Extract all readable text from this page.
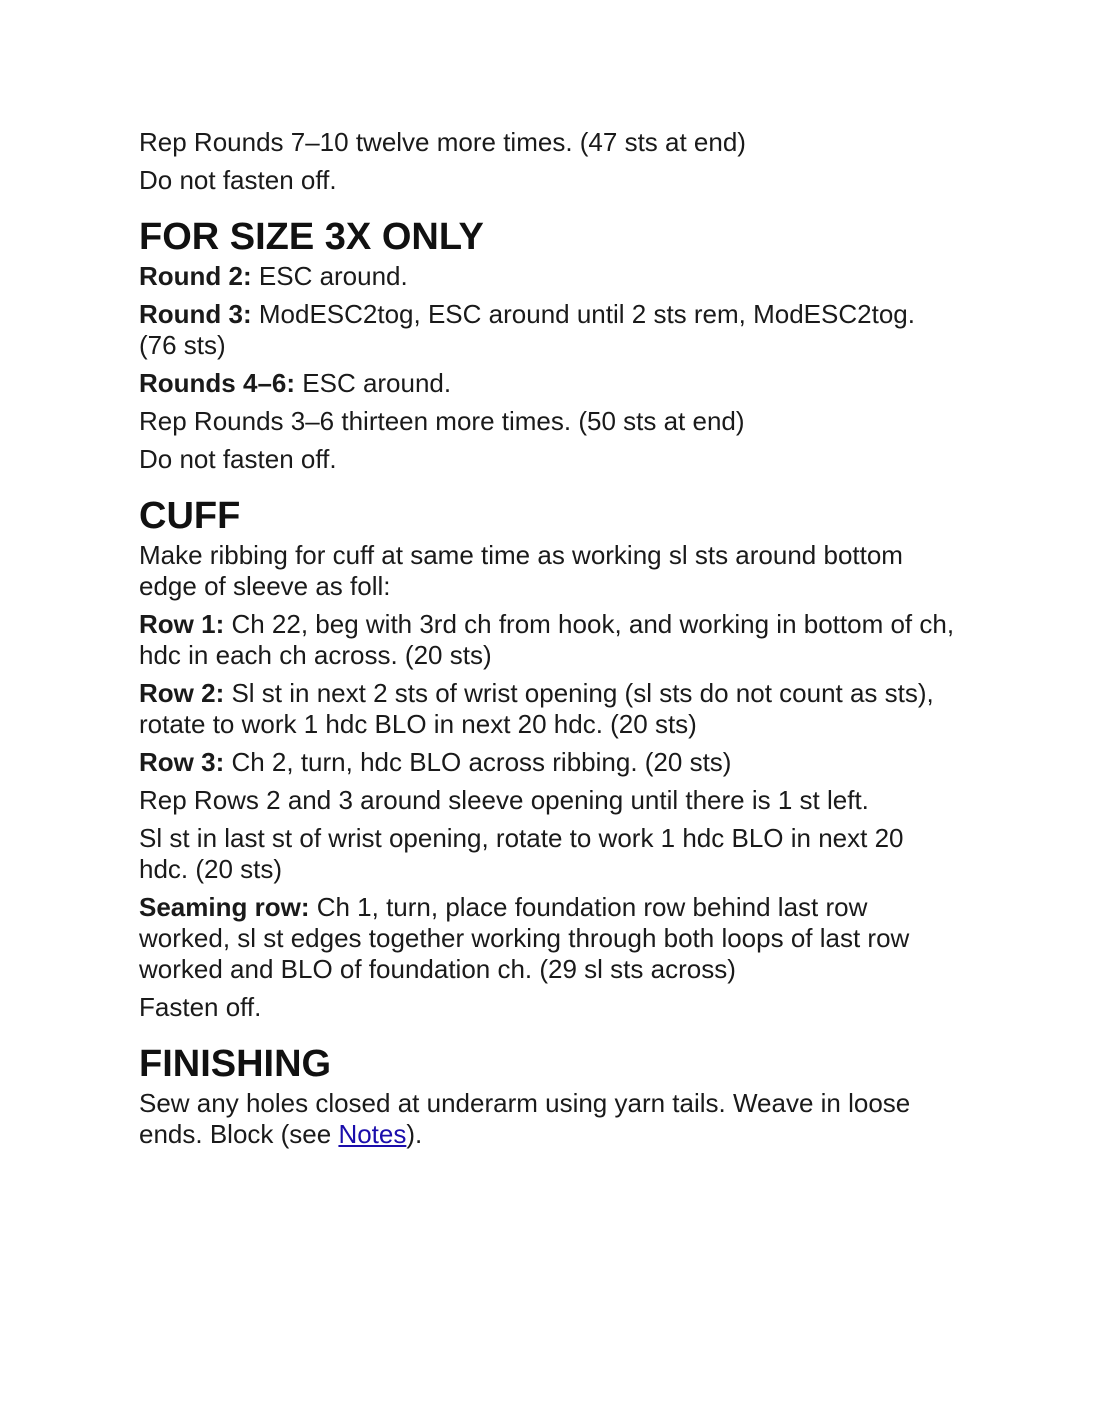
Rep Rounds 7–10 twelve more times. (47 sts at end)

Do not fasten off.

FOR SIZE 3X ONLY

Round 2: ESC around.

Round 3: ModESC2tog, ESC around until 2 sts rem, ModESC2tog. (76 sts)

Rounds 4–6: ESC around.

Rep Rounds 3–6 thirteen more times. (50 sts at end)

Do not fasten off.

CUFF

Make ribbing for cuff at same time as working sl sts around bottom edge of sleeve as foll:

Row 1: Ch 22, beg with 3rd ch from hook, and working in bottom of ch, hdc in each ch across. (20 sts)

Row 2: Sl st in next 2 sts of wrist opening (sl sts do not count as sts), rotate to work 1 hdc BLO in next 20 hdc. (20 sts)

Row 3: Ch 2, turn, hdc BLO across ribbing. (20 sts)

Rep Rows 2 and 3 around sleeve opening until there is 1 st left.

Sl st in last st of wrist opening, rotate to work 1 hdc BLO in next 20 hdc. (20 sts)

Seaming row: Ch 1, turn, place foundation row behind last row worked, sl st edges together working through both loops of last row worked and BLO of foundation ch. (29 sl sts across)

Fasten off.

FINISHING

Sew any holes closed at underarm using yarn tails. Weave in loose ends. Block (see Notes).
